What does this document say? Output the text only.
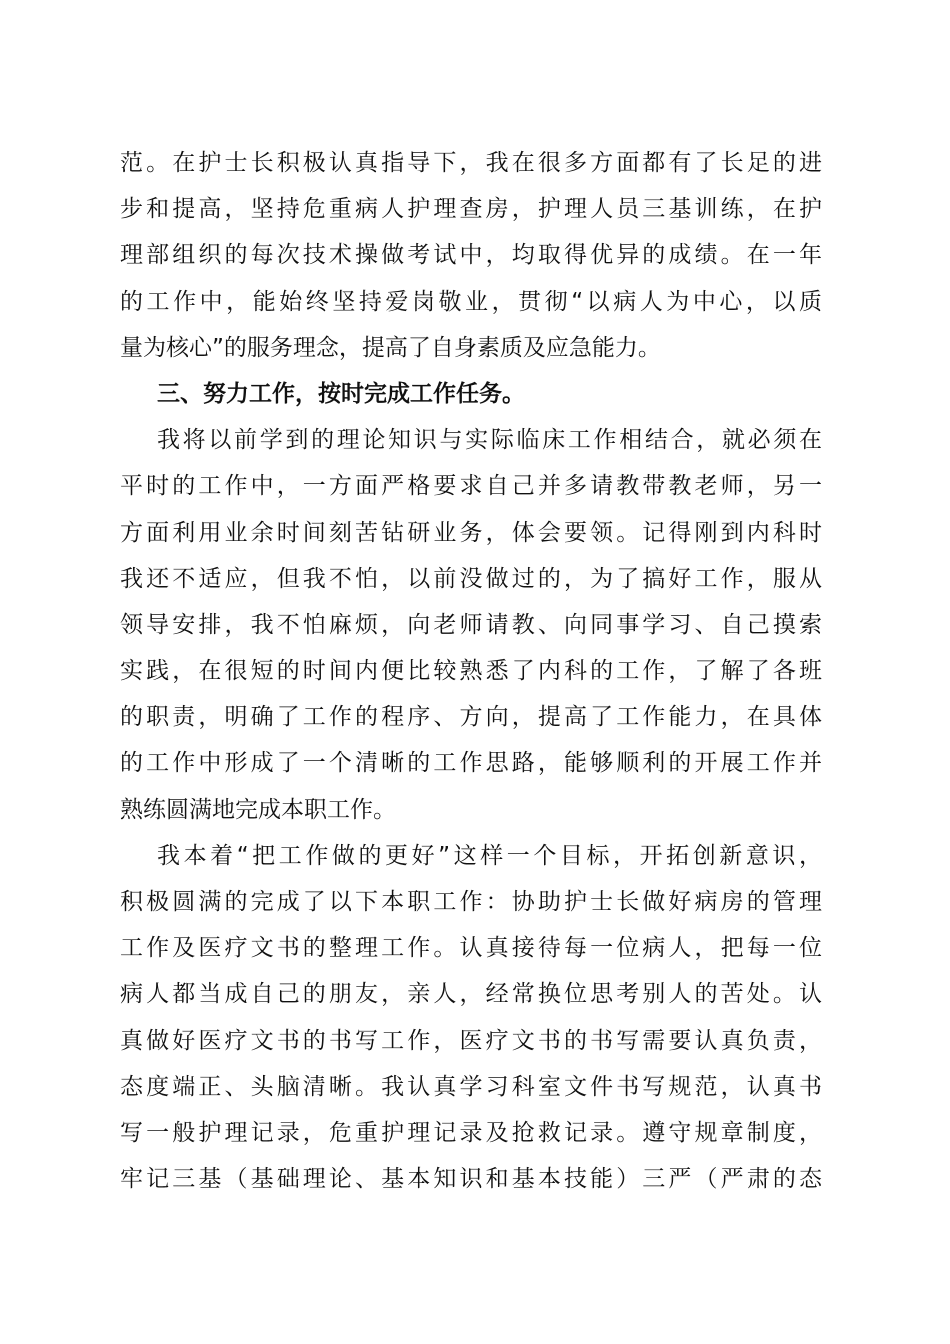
范。在护士长积极认真指导下，我在很多方面都有了长足的进
步和提高，坚持危重病人护理查房，护理人员三基训练，在护
理部组织的每次技术操做考试中，均取得优异的成绩。在一年
的工作中，能始终坚持爱岗敬业，贯彻“以病人为中心，以质
量为核心”的服务理念，提高了自身素质及应急能力。
三、努力工作，按时完成工作任务。
我将以前学到的理论知识与实际临床工作相结合，就必须在
平时的工作中，一方面严格要求自己并多请教带教老师，另一
方面利用业余时间刻苦钻研业务，体会要领。记得刚到内科时
我还不适应，但我不怕，以前没做过的，为了搞好工作，服从
领导安排，我不怕麻烦，向老师请教、向同事学习、自己摸索
实践，在很短的时间内便比较熟悉了内科的工作，了解了各班
的职责，明确了工作的程序、方向，提高了工作能力，在具体
的工作中形成了一个清晰的工作思路，能够顺利的开展工作并
熟练圆满地完成本职工作。
我本着“把工作做的更好”这样一个目标，开拓创新意识，
积极圆满的完成了以下本职工作：协助护士长做好病房的管理
工作及医疗文书的整理工作。认真接待每一位病人，把每一位
病人都当成自己的朋友，亲人，经常换位思考别人的苦处。认
真做好医疗文书的书写工作，医疗文书的书写需要认真负责，
态度端正、头脑清晰。我认真学习科室文件书写规范，认真书
写一般护理记录，危重护理记录及抢救记录。遵守规章制度，
牢记三基（基础理论、基本知识和基本技能）三严（严肃的态
